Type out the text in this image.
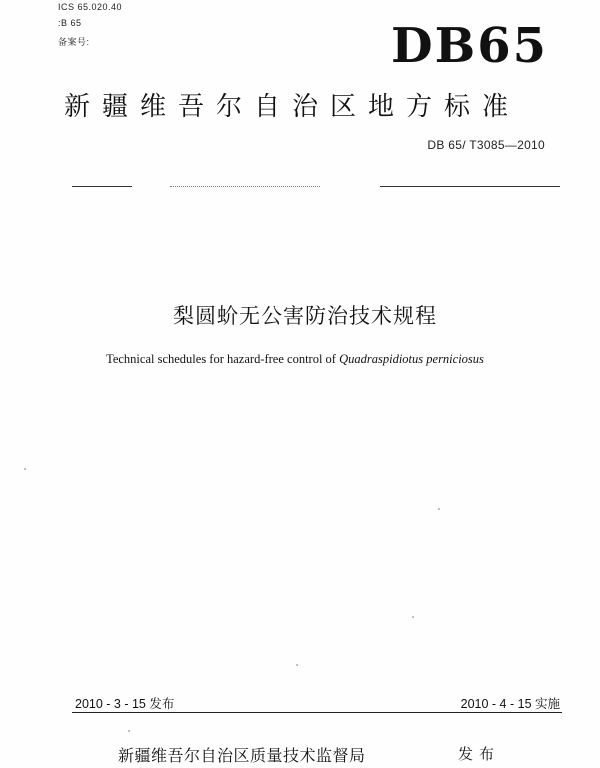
ICS 65.020.40
:B 65
备案号:	DB65
新疆维吾尔自治区地方标准
DB 65/ T3085—2010
梨圆蚧无公害防治技术规程
Technical schedules for hazard-free control of Quadraspidiotus perniciosus
2010 - 3 - 15 发布	2010 - 4 - 15 实施
新疆维吾尔自治区质量技术监督局	发布
